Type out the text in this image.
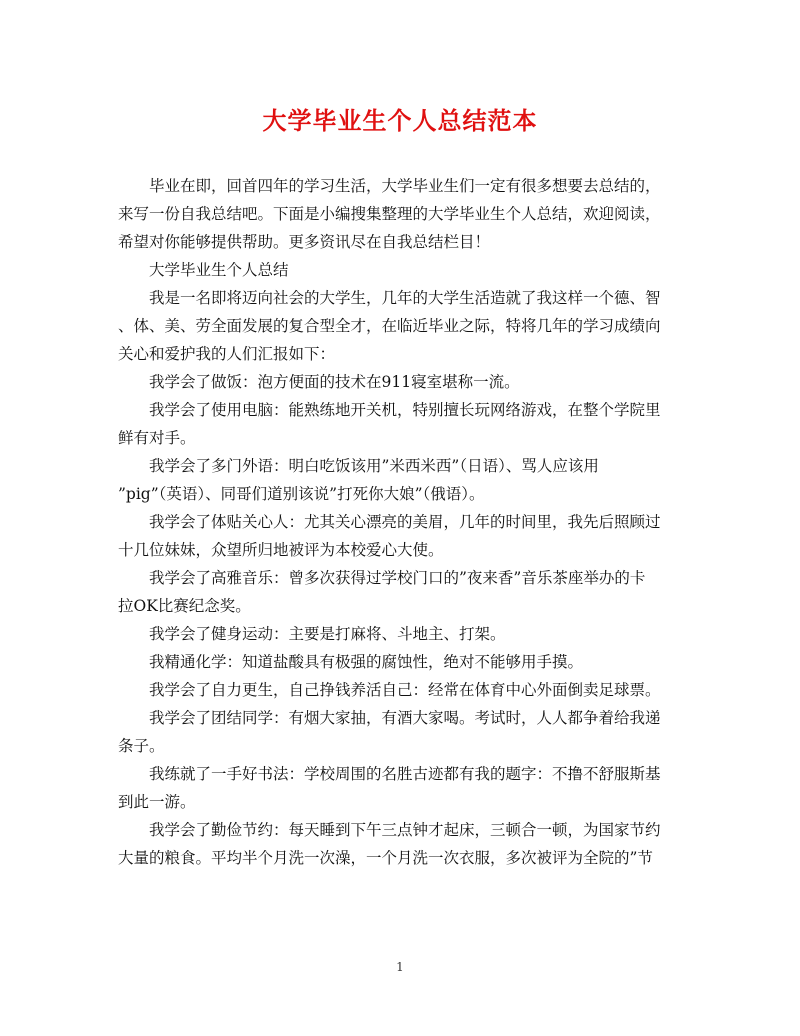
大学毕业生个人总结范本

毕业在即，回首四年的学习生活，大学毕业生们一定有很多想要去总结的，
来写一份自我总结吧。下面是小编搜集整理的大学毕业生个人总结，欢迎阅读，
希望对你能够提供帮助。更多资讯尽在自我总结栏目！

大学毕业生个人总结

我是一名即将迈向社会的大学生，几年的大学生活造就了我这样一个德、智
、体、美、劳全面发展的复合型全才，在临近毕业之际，特将几年的学习成绩向
关心和爱护我的人们汇报如下：

我学会了做饭：泡方便面的技术在911寝室堪称一流。

我学会了使用电脑：能熟练地开关机，特别擅长玩网络游戏，在整个学院里
鲜有对手。

我学会了多门外语：明白吃饭该用”米西米西”（日语）、骂人应该用
”pig”（英语）、同哥们道别该说”打死你大娘”（俄语）。

我学会了体贴关心人：尤其关心漂亮的美眉，几年的时间里，我先后照顾过
十几位妹妹，众望所归地被评为本校爱心大使。

我学会了高雅音乐：曾多次获得过学校门口的”夜来香”音乐茶座举办的卡
拉OK比赛纪念奖。

我学会了健身运动：主要是打麻将、斗地主、打架。

我精通化学：知道盐酸具有极强的腐蚀性，绝对不能够用手摸。

我学会了自力更生，自己挣钱养活自己：经常在体育中心外面倒卖足球票。

我学会了团结同学：有烟大家抽，有酒大家喝。考试时，人人都争着给我递
条子。

我练就了一手好书法：学校周围的名胜古迹都有我的题字：不撸不舒服斯基
到此一游。

我学会了勤俭节约：每天睡到下午三点钟才起床，三顿合一顿，为国家节约
大量的粮食。平均半个月洗一次澡，一个月洗一次衣服，多次被评为全院的”节

1
